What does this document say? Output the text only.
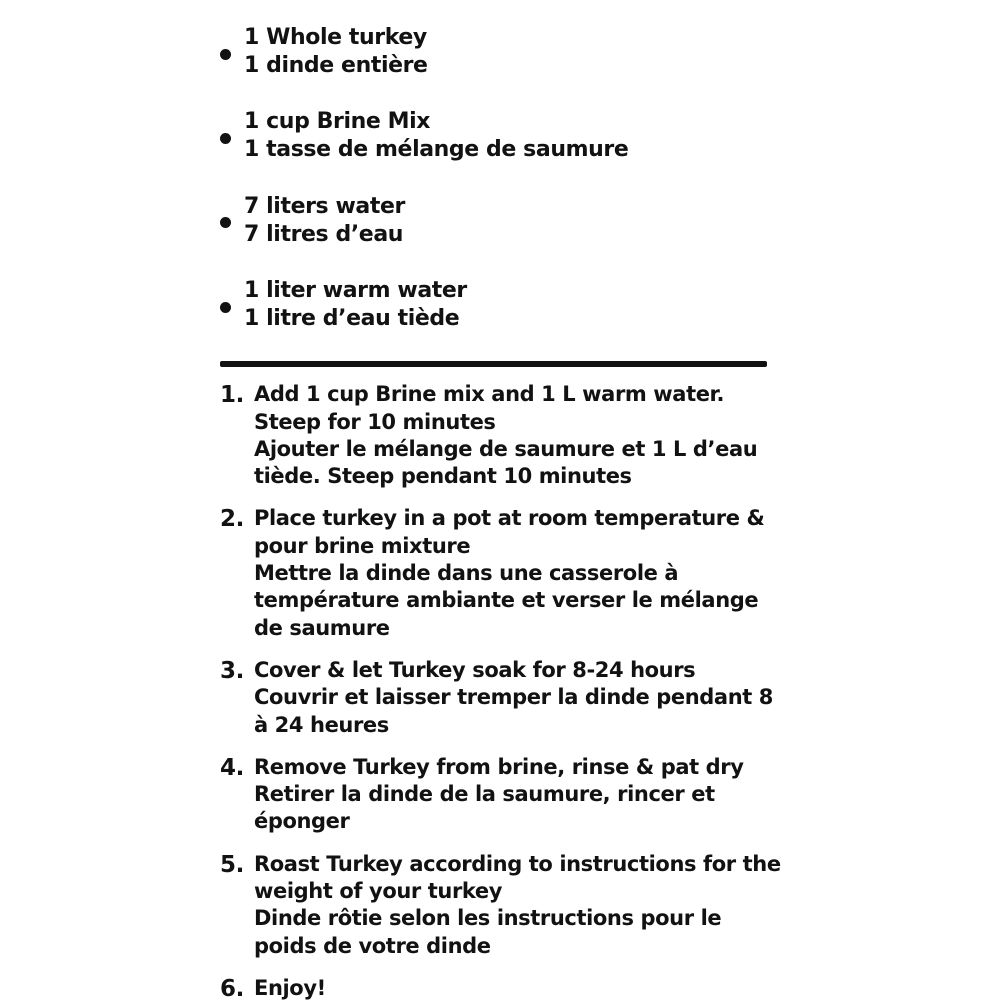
1 Whole turkey
1 dinde entière
1 cup Brine Mix
1 tasse de mélange de saumure
7 liters water
7 litres d’eau
1 liter warm water
1 litre d’eau tiède
1. Add 1 cup Brine mix and 1 L warm water. Steep for 10 minutes
Ajouter le mélange de saumure et 1 L d’eau tiède. Steep pendant 10 minutes
2. Place turkey in a pot at room temperature & pour brine mixture
Mettre la dinde dans une casserole à température ambiante et verser le mélange de saumure
3. Cover & let Turkey soak for 8-24 hours
Couvrir et laisser tremper la dinde pendant 8 à 24 heures
4. Remove Turkey from brine, rinse & pat dry
Retirer la dinde de la saumure, rincer et éponger
5. Roast Turkey according to instructions for the weight of your turkey
Dinde rôtie selon les instructions pour le poids de votre dinde
6. Enjoy!
